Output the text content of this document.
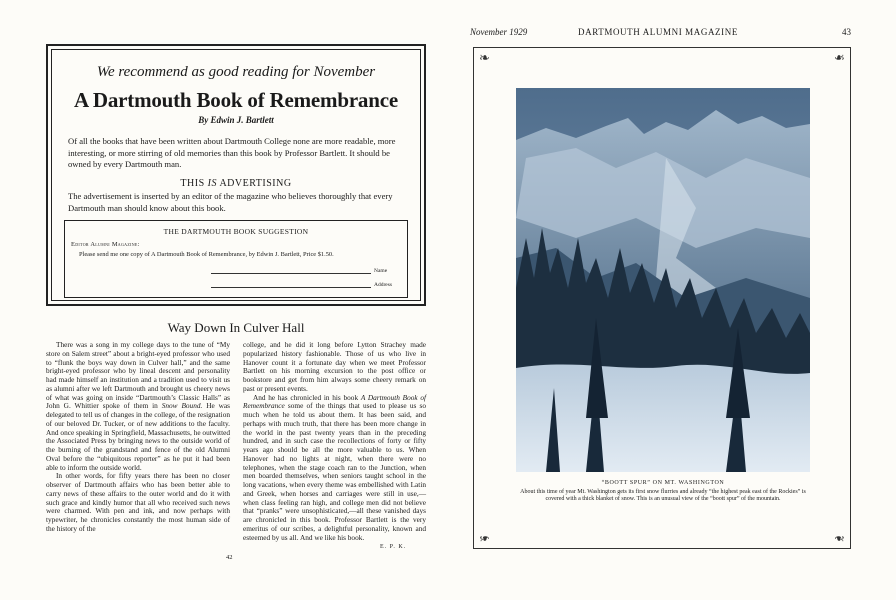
We recommend as good reading for November
A Dartmouth Book of Remembrance
By Edwin J. Bartlett
Of all the books that have been written about Dartmouth College none are more readable, more interesting, or more stirring of old memories than this book by Professor Bartlett. It should be owned by every Dartmouth man.
THIS IS ADVERTISING
The advertisement is inserted by an editor of the magazine who believes thoroughly that every Dartmouth man should know about this book.
THE DARTMOUTH BOOK SUGGESTION
Editor Alumni Magazine:
Please send me one copy of A Dartmouth Book of Remembrance, by Edwin J. Bartlett, Price $1.50.
Name
Address
Way Down In Culver Hall

There was a song in my college days to the tune of “My store on Salem street” about a bright-eyed professor who used to “flunk the boys way down in Culver hall,” and the same bright-eyed professor who by lineal descent and personality had made himself an institution and a tradition used to visit us as alumni after we left Dartmouth and brought us cheery news of what was going on inside “Dartmouth’s Classic Halls” as John G. Whittier spoke of them in Snow Bound. He was delegated to tell us of changes in the college, of the resignation of our beloved Dr. Tucker, or of new additions to the faculty. And once speaking in Springfield, Massachusetts, he outwitted the Associated Press by bringing news to the outside world of the burning of the grandstand and fence of the old Alumni Oval before the “ubiquitous reporter” as he put it had been able to inform the outside world.

In other words, for fifty years there has been no closer observer of Dartmouth affairs who has been better able to carry news of these affairs to the outer world and do it with such grace and kindly humor that all who received such news were charmed. With pen and ink, and now perhaps with typewriter, he chronicles constantly the most human side of the history of the

college, and he did it long before Lytton Strachey made popularized history fashionable. Those of us who live in Hanover count it a fortunate day when we meet Professor Bartlett on his morning excursion to the post office or bookstore and get from him always some cheery remark on past or present events.

And he has chronicled in his book A Dartmouth Book of Remembrance some of the things that used to please us so much when he told us about them. It has been said, and perhaps with much truth, that there has been more change in the world in the past twenty years than in the preceding hundred, and in such case the recollections of forty or fifty years ago should be all the more valuable to us. When Hanover had no lights at night, when there were no telephones, when the stage coach ran to the Junction, when men boarded themselves, when seniors taught school in the long vacations, when every theme was embellished with Latin and Greek, when horses and carriages were still in use,—when class feeling ran high, and college men did not believe that “pranks” were unsophisticated,—all these vanished days are chronicled in this book. Professor Bartlett is the very emeritus of our scribes, a delightful personality, known and esteemed by us all. And we like his book.

E. P. K.
42
November 1929	DARTMOUTH ALUMNI MAGAZINE	43
❧	❧
❧	❧
“BOOTT SPUR” ON MT. WASHINGTON
About this time of year Mt. Washington gets its first snow flurries and already “the highest peak east of the Rockies” is covered with a thick blanket of snow. This is an unusual view of the “boott spur” of the mountain.
